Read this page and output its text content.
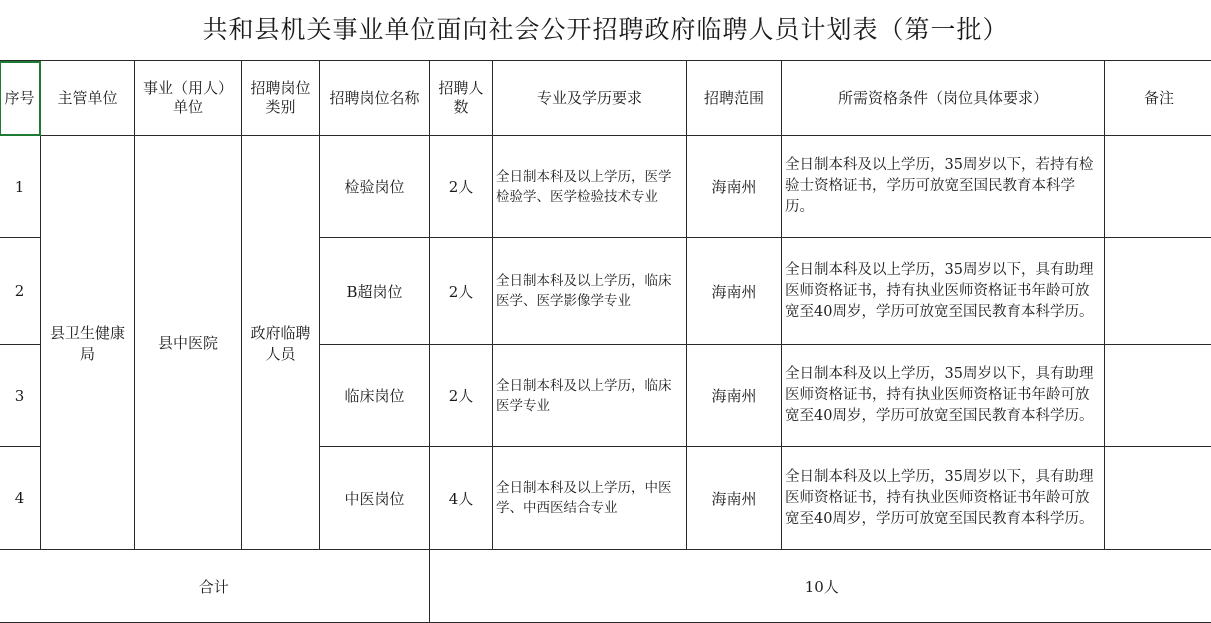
共和县机关事业单位面向社会公开招聘政府临聘人员计划表（第一批）
序号	主管单位	事业（用人）单位	招聘岗位类别	招聘岗位名称	招聘人数	专业及学历要求	招聘范围	所需资格条件（岗位具体要求）	备注
1	县卫生健康局	县中医院	政府临聘人员	检验岗位	2人	全日制本科及以上学历，医学检验学、医学检验技术专业	海南州	全日制本科及以上学历，35周岁以下，若持有检验士资格证书，学历可放宽至国民教育本科学历。	
2				B超岗位	2人	全日制本科及以上学历，临床医学、医学影像学专业	海南州	全日制本科及以上学历，35周岁以下，具有助理医师资格证书，持有执业医师资格证书年龄可放宽至40周岁，学历可放宽至国民教育本科学历。	
3				临床岗位	2人	全日制本科及以上学历，临床医学专业	海南州	全日制本科及以上学历，35周岁以下，具有助理医师资格证书，持有执业医师资格证书年龄可放宽至40周岁，学历可放宽至国民教育本科学历。	
4				中医岗位	4人	全日制本科及以上学历，中医学、中西医结合专业	海南州	全日制本科及以上学历，35周岁以下，具有助理医师资格证书，持有执业医师资格证书年龄可放宽至40周岁，学历可放宽至国民教育本科学历。	
合计					10人				
